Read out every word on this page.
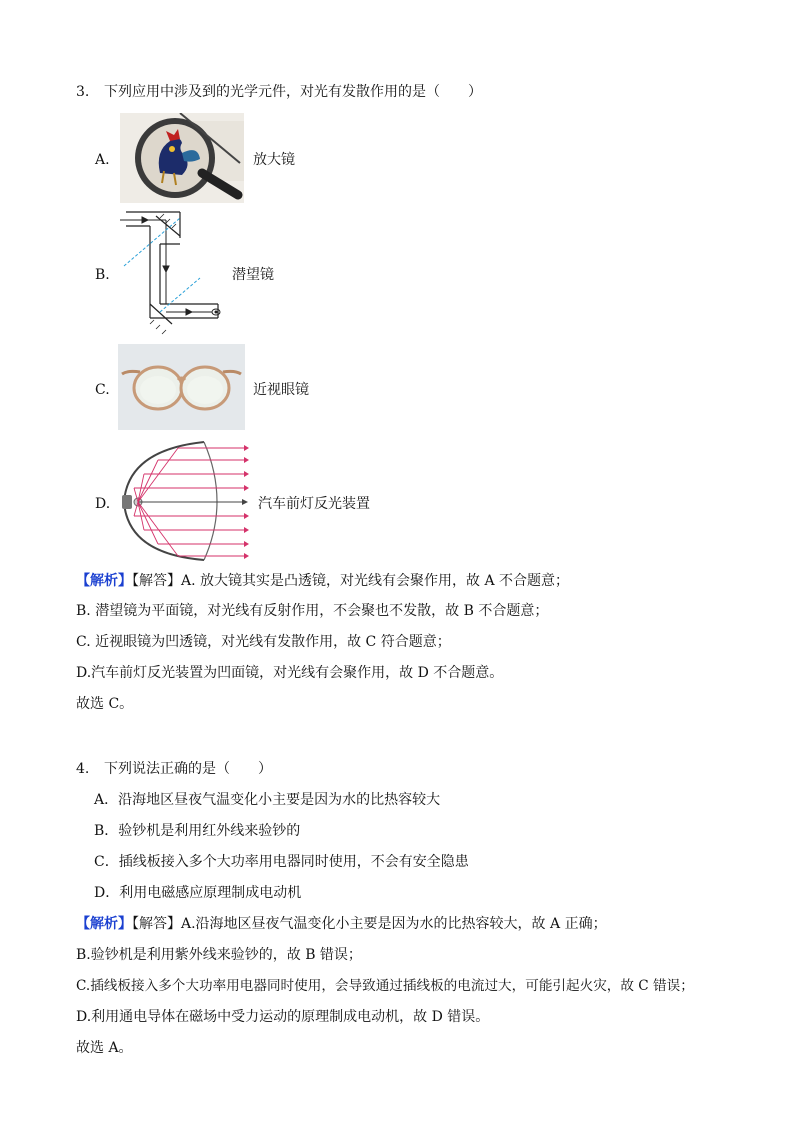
3. 下列应用中涉及到的光学元件，对光有发散作用的是（　　）
A.	放大镜
B.	潜望镜
C.	近视眼镜
D.	汽车前灯反光装置
【解析】【解答】A. 放大镜其实是凸透镜，对光线有会聚作用，故 A 不合题意；
B. 潜望镜为平面镜，对光线有反射作用，不会聚也不发散，故 B 不合题意；
C. 近视眼镜为凹透镜，对光线有发散作用，故 C 符合题意；
D.汽车前灯反光装置为凹面镜，对光线有会聚作用，故 D 不合题意。
故选 C。
4. 下列说法正确的是（　　）
A．沿海地区昼夜气温变化小主要是因为水的比热容较大
B．验钞机是利用红外线来验钞的
C．插线板接入多个大功率用电器同时使用，不会有安全隐患
D．利用电磁感应原理制成电动机
【解析】【解答】A.沿海地区昼夜气温变化小主要是因为水的比热容较大，故 A 正确；
B.验钞机是利用紫外线来验钞的，故 B 错误；
C.插线板接入多个大功率用电器同时使用，会导致通过插线板的电流过大，可能引起火灾，故 C 错误；
D.利用通电导体在磁场中受力运动的原理制成电动机，故 D 错误。
故选 A。
